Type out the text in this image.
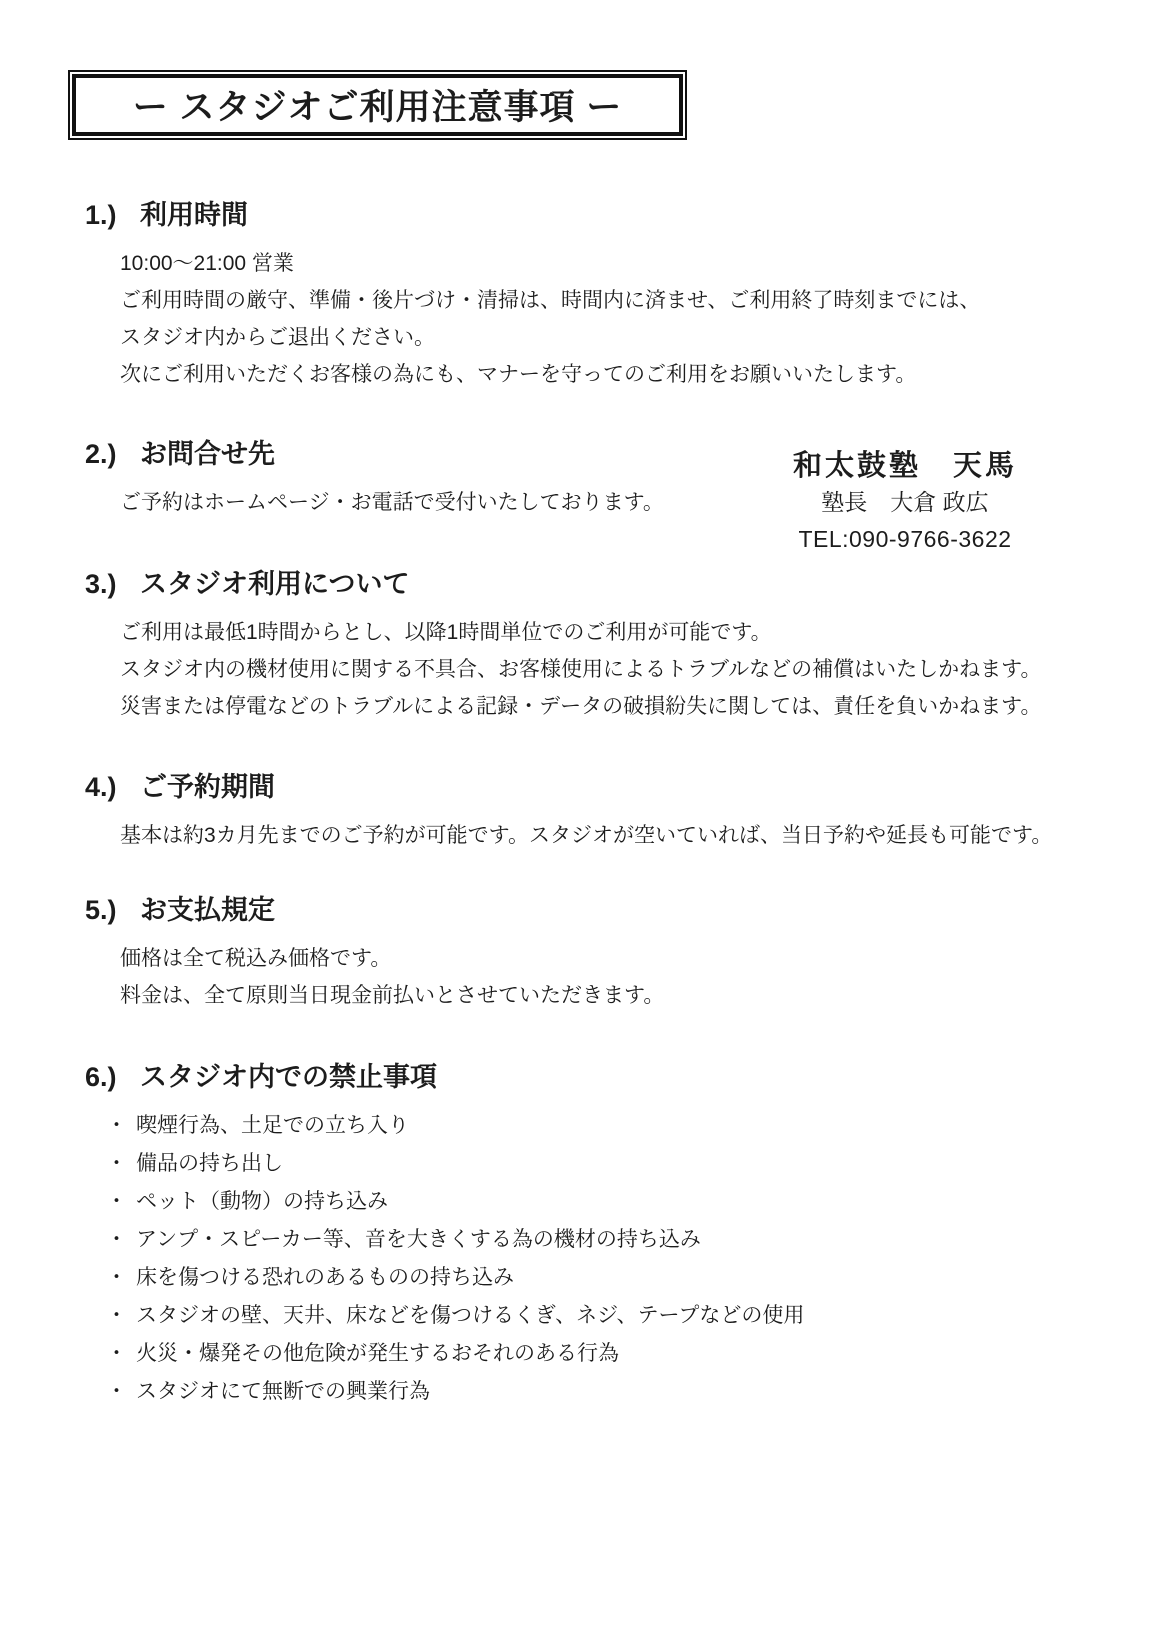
ー スタジオご利用注意事項 ー
1.) 利用時間

10:00～21:00 営業

ご利用時間の厳守、準備・後片づけ・清掃は、時間内に済ませ、ご利用終了時刻までには、

スタジオ内からご退出ください。

次にご利用いただくお客様の為にも、マナーを守ってのご利用をお願いいたします。

2.) お問合せ先

ご予約はホームページ・お電話で受付いたしております。

和太鼓塾　天馬
塾長　大倉 政広
TEL:090-9766-3622
3.) スタジオ利用について

ご利用は最低1時間からとし、以降1時間単位でのご利用が可能です。

スタジオ内の機材使用に関する不具合、お客様使用によるトラブルなどの補償はいたしかねます。

災害または停電などのトラブルによる記録・データの破損紛失に関しては、責任を負いかねます。

4.) ご予約期間

基本は約3カ月先までのご予約が可能です。スタジオが空いていれば、当日予約や延長も可能です。

5.) お支払規定

価格は全て税込み価格です。

料金は、全て原則当日現金前払いとさせていただきます。

6.) スタジオ内での禁止事項
・ 喫煙行為、土足での立ち入り
・ 備品の持ち出し
・ ペット（動物）の持ち込み
・ アンプ・スピーカー等、音を大きくする為の機材の持ち込み
・ 床を傷つける恐れのあるものの持ち込み
・ スタジオの壁、天井、床などを傷つけるくぎ、ネジ、テープなどの使用
・ 火災・爆発その他危険が発生するおそれのある行為
・ スタジオにて無断での興業行為
